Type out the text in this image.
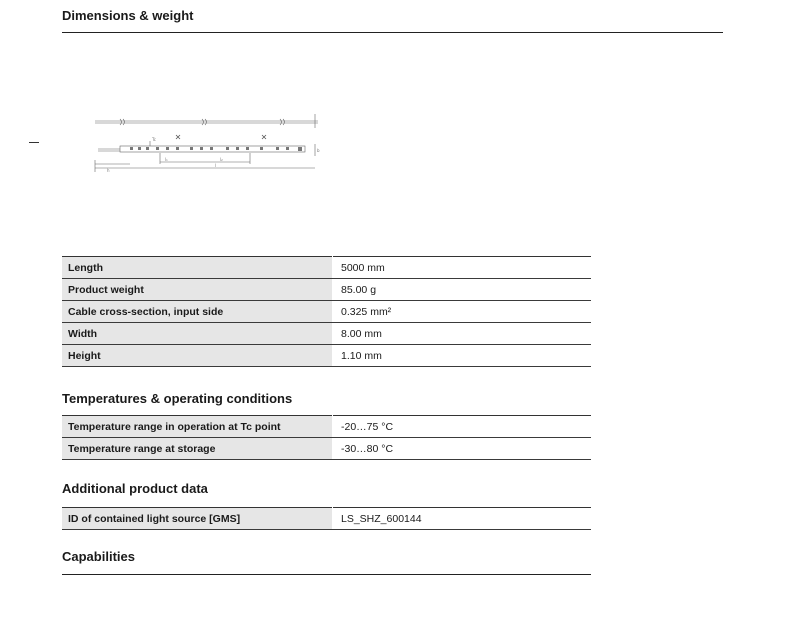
Dimensions & weight
Tc
l₁	l₂
l
h
b
Length	5000 mm
Product weight	85.00 g
Cable cross-section, input side	0.325 mm²
Width	8.00 mm
Height	1.10 mm
Temperatures & operating conditions
Temperature range in operation at Tc point	-20…75 °C
Temperature range at storage	-30…80 °C
Additional product data
ID of contained light source [GMS]	LS_SHZ_600144
Capabilities
